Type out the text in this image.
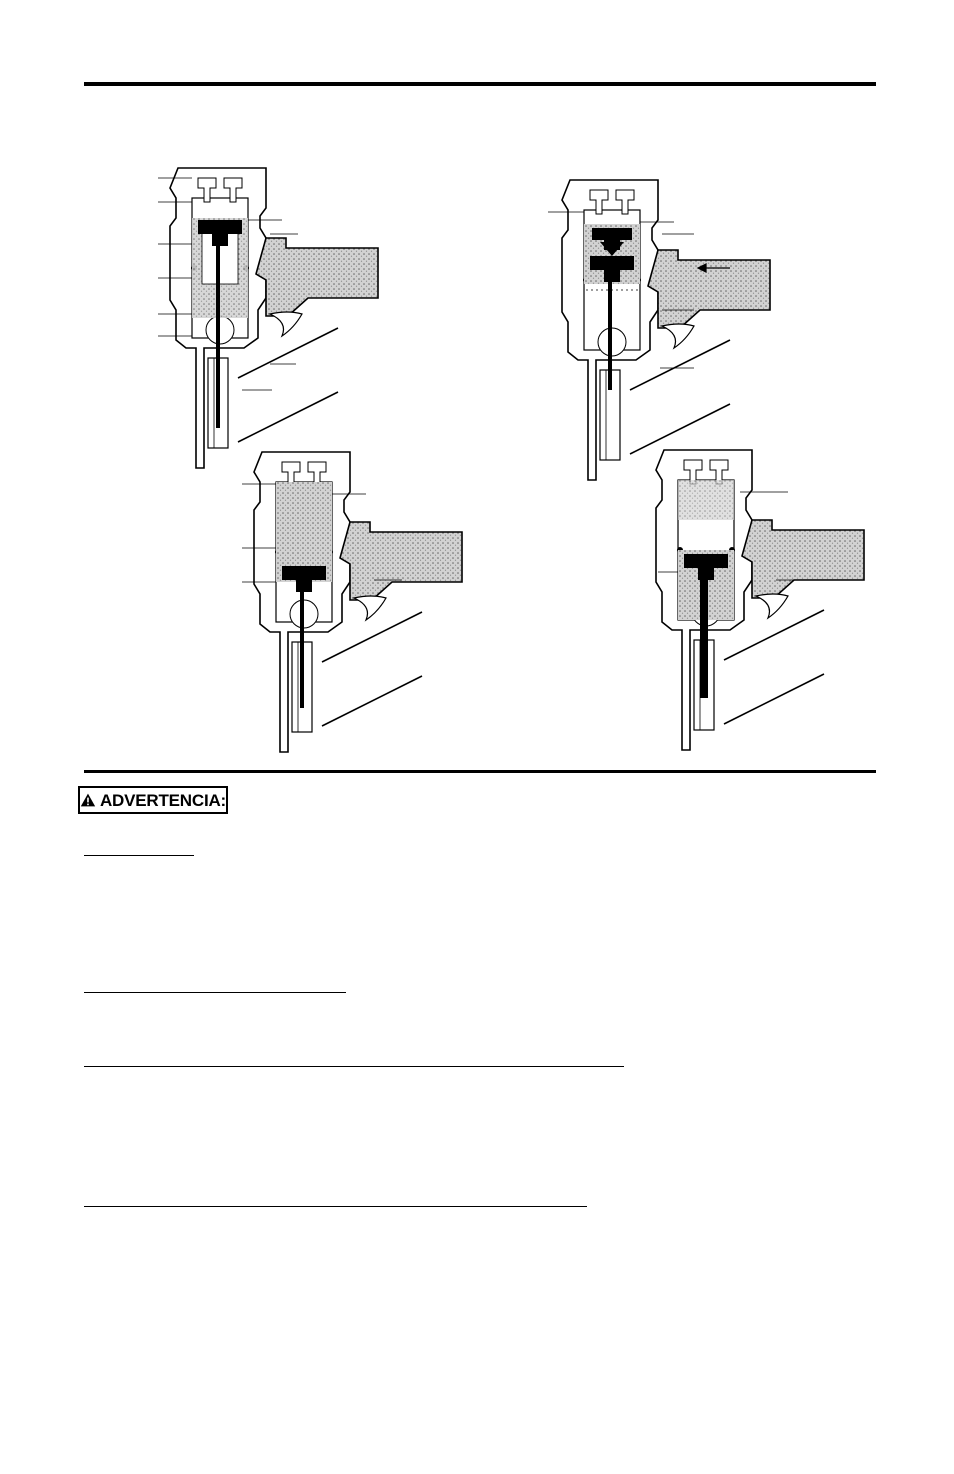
ADVERTENCIA:
